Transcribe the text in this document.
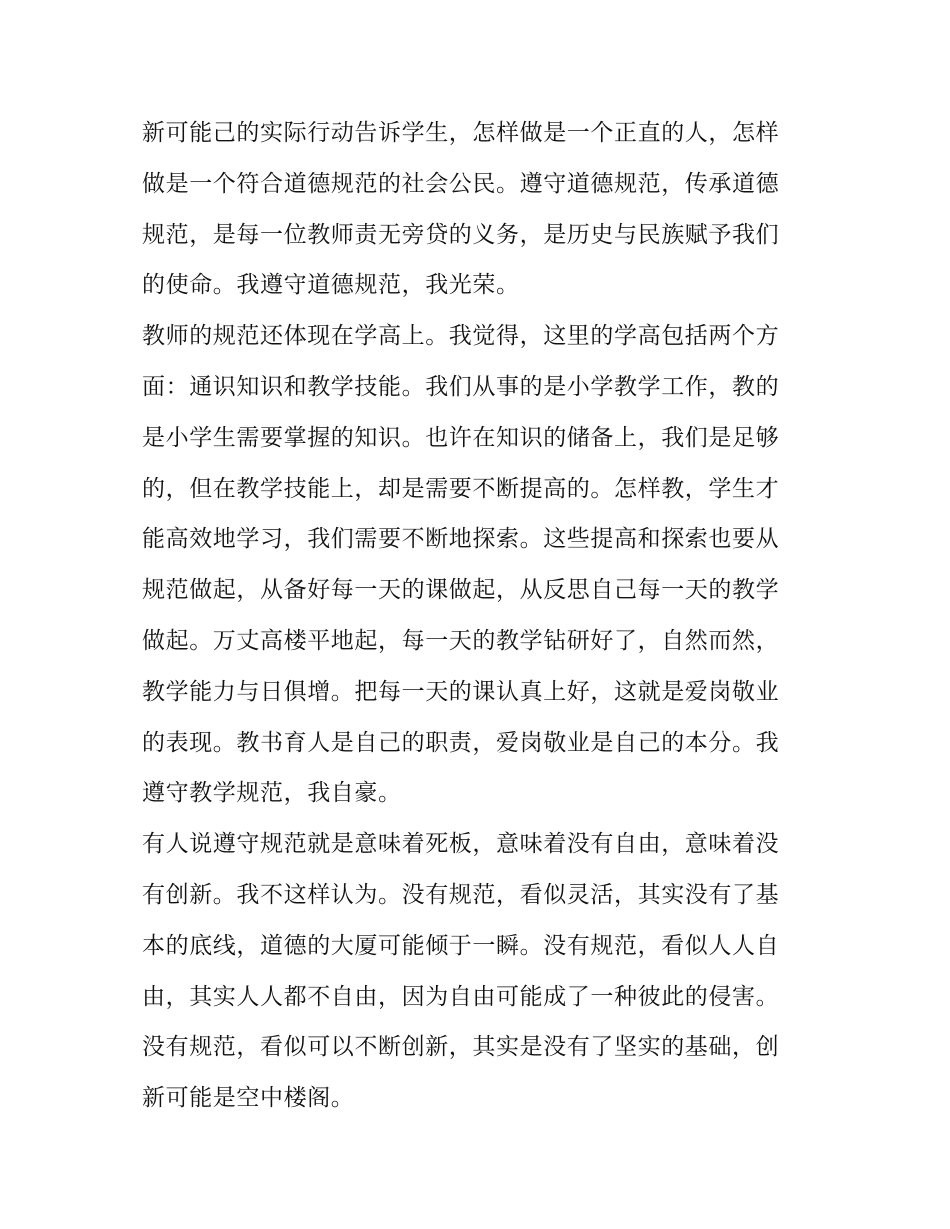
新可能己的实际行动告诉学生，怎样做是一个正直的人，怎样
做是一个符合道德规范的社会公民。遵守道德规范，传承道德
规范，是每一位教师责无旁贷的义务，是历史与民族赋予我们
的使命。我遵守道德规范，我光荣。
教师的规范还体现在学高上。我觉得，这里的学高包括两个方
面：通识知识和教学技能。我们从事的是小学教学工作，教的
是小学生需要掌握的知识。也许在知识的储备上，我们是足够
的，但在教学技能上，却是需要不断提高的。怎样教，学生才
能高效地学习，我们需要不断地探索。这些提高和探索也要从
规范做起，从备好每一天的课做起，从反思自己每一天的教学
做起。万丈高楼平地起，每一天的教学钻研好了，自然而然，
教学能力与日俱增。把每一天的课认真上好，这就是爱岗敬业
的表现。教书育人是自己的职责，爱岗敬业是自己的本分。我
遵守教学规范，我自豪。
有人说遵守规范就是意味着死板，意味着没有自由，意味着没
有创新。我不这样认为。没有规范，看似灵活，其实没有了基
本的底线，道德的大厦可能倾于一瞬。没有规范，看似人人自
由，其实人人都不自由，因为自由可能成了一种彼此的侵害。
没有规范，看似可以不断创新，其实是没有了坚实的基础，创
新可能是空中楼阁。
